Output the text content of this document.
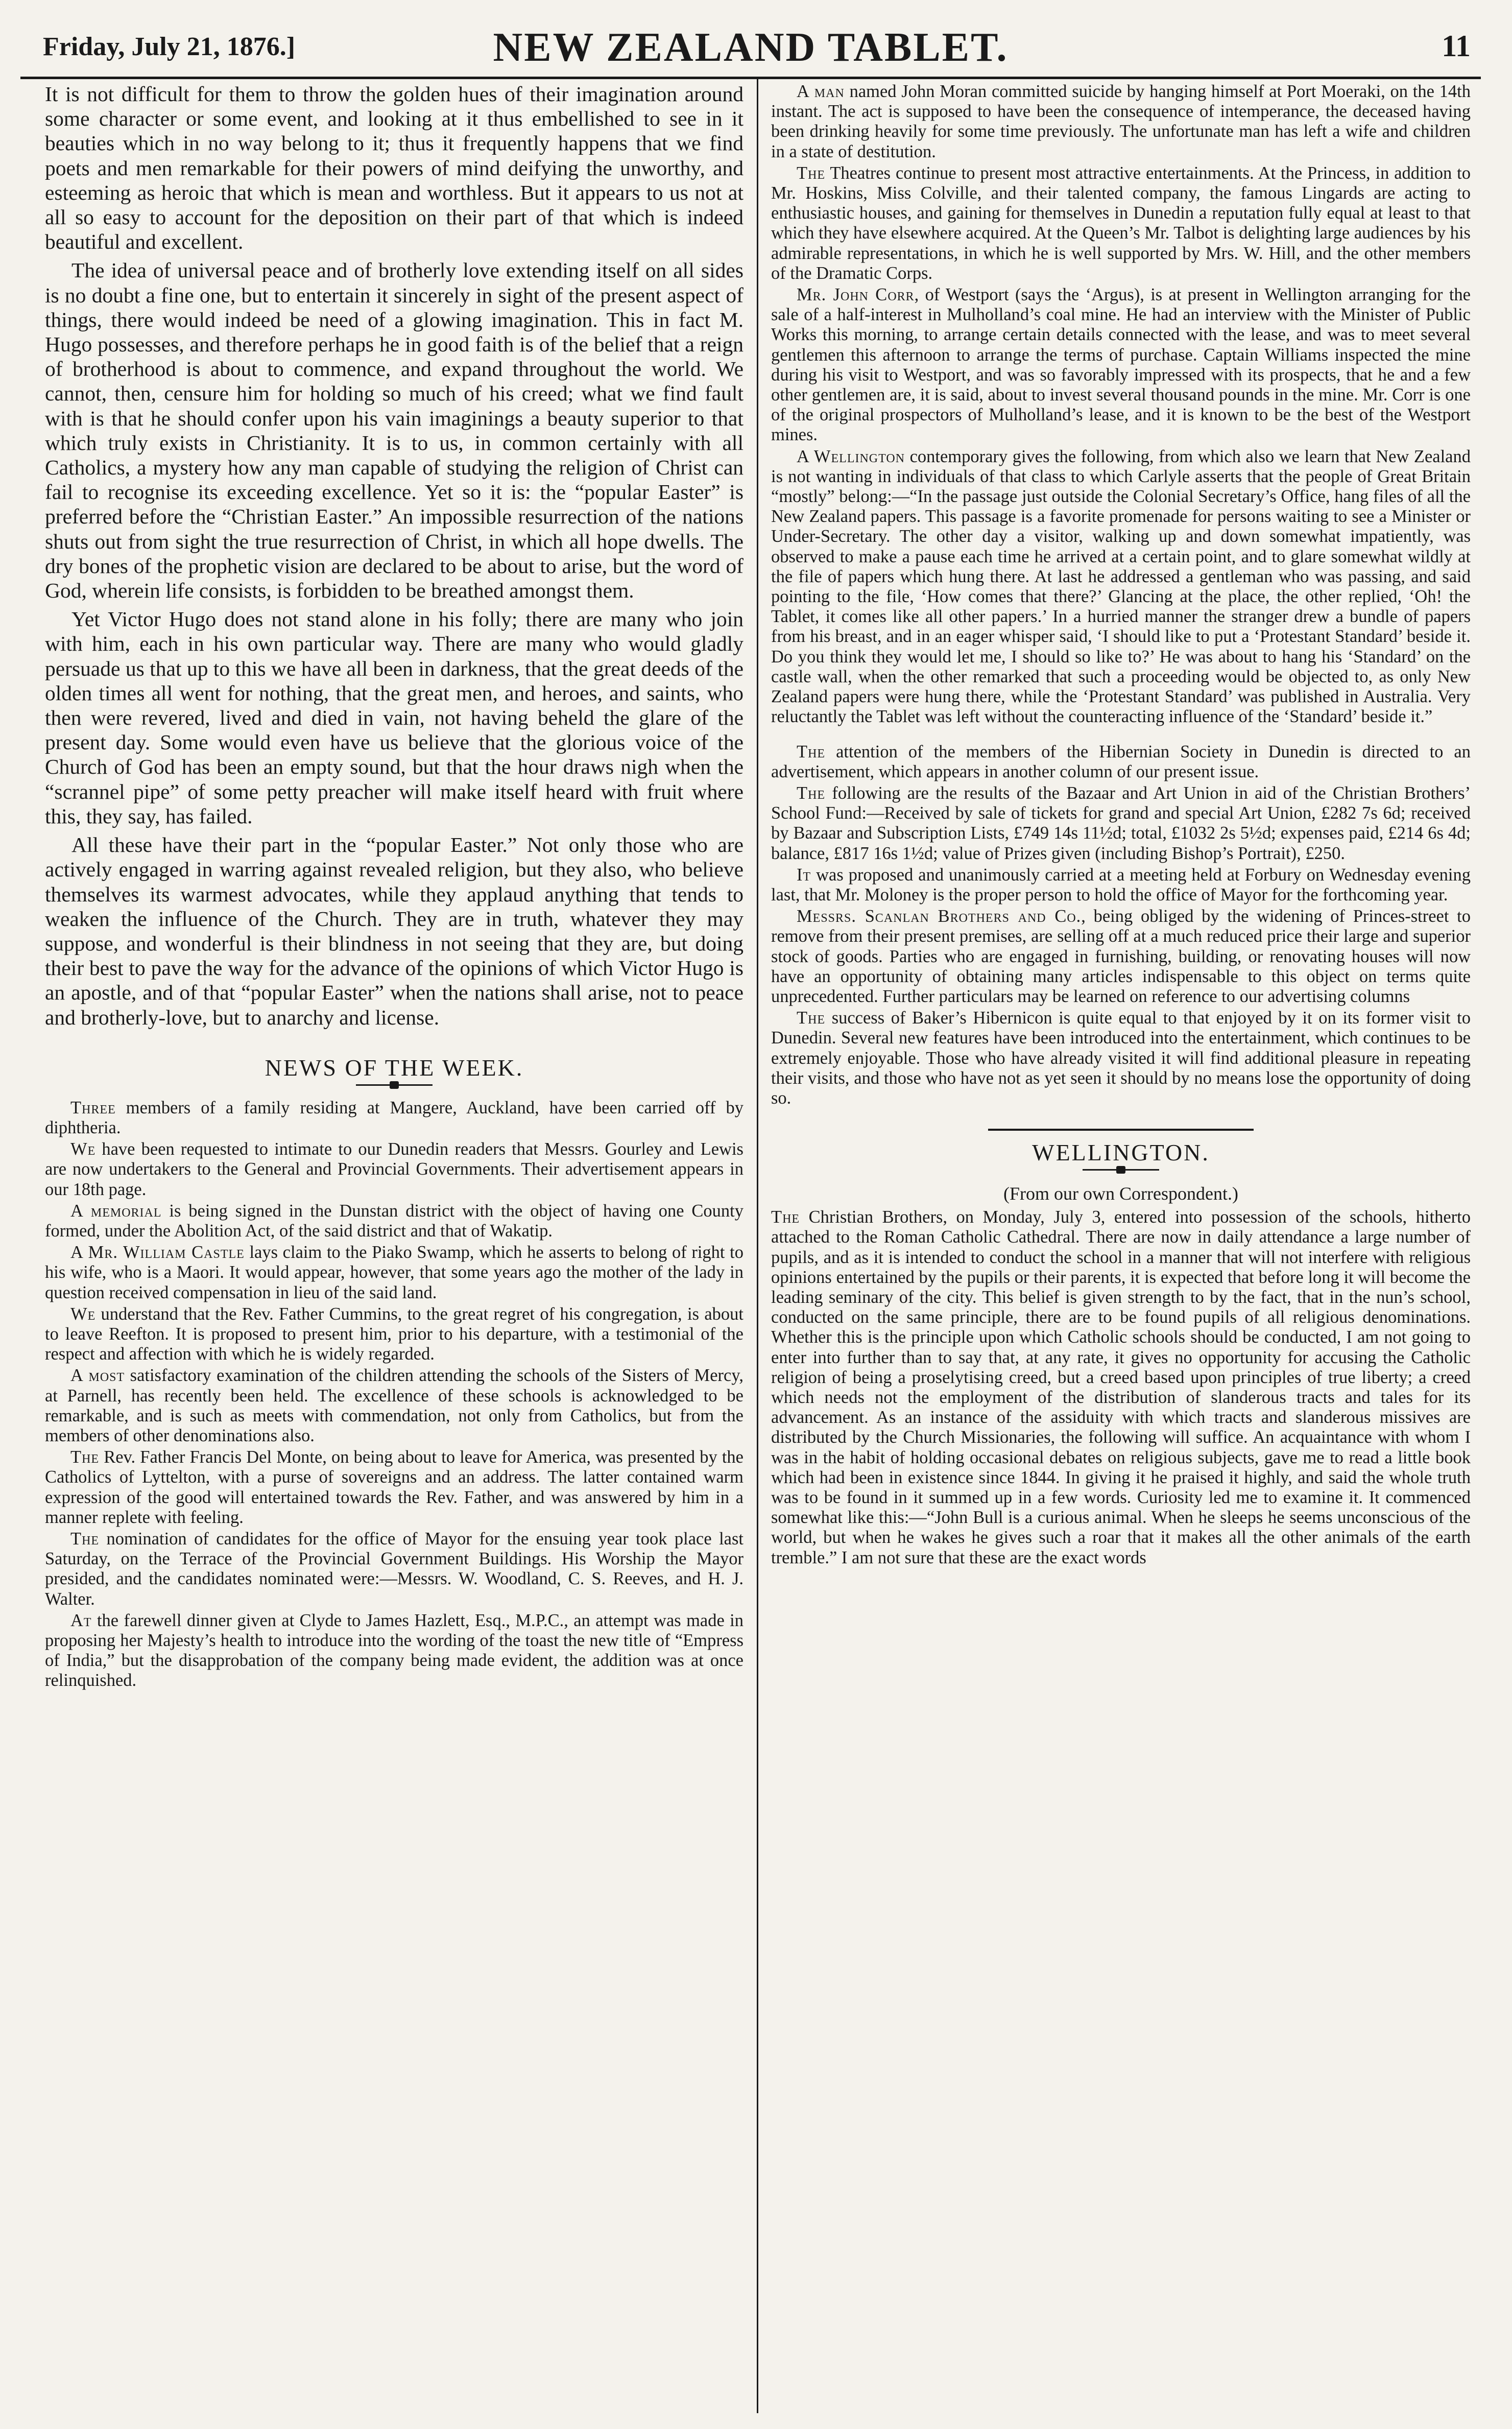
Friday, July 21, 1876.]	NEW ZEALAND TABLET.	11

It is not difficult for them to throw the golden hues of their imagination around some character or some event, and looking at it thus embellished to see in it beauties which in no way belong to it; thus it frequently happens that we find poets and men remarkable for their powers of mind deifying the unworthy, and esteeming as heroic that which is mean and worthless. But it appears to us not at all so easy to account for the deposition on their part of that which is indeed beautiful and excellent.

The idea of universal peace and of brotherly love extending itself on all sides is no doubt a fine one, but to entertain it sincerely in sight of the present aspect of things, there would indeed be need of a glowing imagination. This in fact M. Hugo possesses, and therefore perhaps he in good faith is of the belief that a reign of brotherhood is about to commence, and expand throughout the world. We cannot, then, censure him for holding so much of his creed; what we find fault with is that he should confer upon his vain imaginings a beauty superior to that which truly exists in Christianity. It is to us, in common certainly with all Catholics, a mystery how any man capable of studying the religion of Christ can fail to recognise its exceeding excellence. Yet so it is: the “popular Easter” is preferred before the “Christian Easter.” An impossible resurrection of the nations shuts out from sight the true resurrection of Christ, in which all hope dwells. The dry bones of the prophetic vision are declared to be about to arise, but the word of God, wherein life consists, is forbidden to be breathed amongst them.

Yet Victor Hugo does not stand alone in his folly; there are many who join with him, each in his own particular way. There are many who would gladly persuade us that up to this we have all been in darkness, that the great deeds of the olden times all went for nothing, that the great men, and heroes, and saints, who then were revered, lived and died in vain, not having beheld the glare of the present day. Some would even have us believe that the glorious voice of the Church of God has been an empty sound, but that the hour draws nigh when the “scrannel pipe” of some petty preacher will make itself heard with fruit where this, they say, has failed.

All these have their part in the “popular Easter.” Not only those who are actively engaged in warring against revealed religion, but they also, who believe themselves its warmest advocates, while they applaud anything that tends to weaken the influence of the Church. They are in truth, whatever they may suppose, and wonderful is their blindness in not seeing that they are, but doing their best to pave the way for the advance of the opinions of which Victor Hugo is an apostle, and of that “popular Easter” when the nations shall arise, not to peace and brotherly-love, but to anarchy and license.

NEWS OF THE WEEK.

Three members of a family residing at Mangere, Auckland, have been carried off by diphtheria.

We have been requested to intimate to our Dunedin readers that Messrs. Gourley and Lewis are now undertakers to the General and Provincial Governments. Their advertisement appears in our 18th page.

A memorial is being signed in the Dunstan district with the object of having one County formed, under the Abolition Act, of the said district and that of Wakatip.

A Mr. William Castle lays claim to the Piako Swamp, which he asserts to belong of right to his wife, who is a Maori. It would appear, however, that some years ago the mother of the lady in question received compensation in lieu of the said land.

We understand that the Rev. Father Cummins, to the great regret of his congregation, is about to leave Reefton. It is proposed to present him, prior to his departure, with a testimonial of the respect and affection with which he is widely regarded.

A most satisfactory examination of the children attending the schools of the Sisters of Mercy, at Parnell, has recently been held. The excellence of these schools is acknowledged to be remarkable, and is such as meets with commendation, not only from Catholics, but from the members of other denominations also.

The Rev. Father Francis Del Monte, on being about to leave for America, was presented by the Catholics of Lyttelton, with a purse of sovereigns and an address. The latter contained warm expression of the good will entertained towards the Rev. Father, and was answered by him in a manner replete with feeling.

The nomination of candidates for the office of Mayor for the ensuing year took place last Saturday, on the Terrace of the Provincial Government Buildings. His Worship the Mayor presided, and the candidates nominated were:—Messrs. W. Woodland, C. S. Reeves, and H. J. Walter.

At the farewell dinner given at Clyde to James Hazlett, Esq., M.P.C., an attempt was made in proposing her Majesty’s health to introduce into the wording of the toast the new title of “Empress of India,” but the disapprobation of the company being made evident, the addition was at once relinquished.

A man named John Moran committed suicide by hanging himself at Port Moeraki, on the 14th instant. The act is supposed to have been the consequence of intemperance, the deceased having been drinking heavily for some time previously. The unfortunate man has left a wife and children in a state of destitution.

The Theatres continue to present most attractive entertainments. At the Princess, in addition to Mr. Hoskins, Miss Colville, and their talented company, the famous Lingards are acting to enthusiastic houses, and gaining for themselves in Dunedin a reputation fully equal at least to that which they have elsewhere acquired. At the Queen’s Mr. Talbot is delighting large audiences by his admirable representations, in which he is well supported by Mrs. W. Hill, and the other members of the Dramatic Corps.

Mr. John Corr, of Westport (says the ‘Argus), is at present in Wellington arranging for the sale of a half-interest in Mulholland’s coal mine. He had an interview with the Minister of Public Works this morning, to arrange certain details connected with the lease, and was to meet several gentlemen this afternoon to arrange the terms of purchase. Captain Williams inspected the mine during his visit to Westport, and was so favorably impressed with its prospects, that he and a few other gentlemen are, it is said, about to invest several thousand pounds in the mine. Mr. Corr is one of the original prospectors of Mulholland’s lease, and it is known to be the best of the Westport mines.

A Wellington contemporary gives the following, from which also we learn that New Zealand is not wanting in individuals of that class to which Carlyle asserts that the people of Great Britain “mostly” belong:—“In the passage just outside the Colonial Secretary’s Office, hang files of all the New Zealand papers. This passage is a favorite promenade for persons waiting to see a Minister or Under-Secretary. The other day a visitor, walking up and down somewhat impatiently, was observed to make a pause each time he arrived at a certain point, and to glare somewhat wildly at the file of papers which hung there. At last he addressed a gentleman who was passing, and said pointing to the file, ‘How comes that there?’ Glancing at the place, the other replied, ‘Oh! the Tablet, it comes like all other papers.’ In a hurried manner the stranger drew a bundle of papers from his breast, and in an eager whisper said, ‘I should like to put a ‘Protestant Standard’ beside it. Do you think they would let me, I should so like to?’ He was about to hang his ‘Standard’ on the castle wall, when the other remarked that such a proceeding would be objected to, as only New Zealand papers were hung there, while the ‘Protestant Standard’ was published in Australia. Very reluctantly the Tablet was left without the counteracting influence of the ‘Standard’ beside it.”

The attention of the members of the Hibernian Society in Dunedin is directed to an advertisement, which appears in another column of our present issue.

The following are the results of the Bazaar and Art Union in aid of the Christian Brothers’ School Fund:—Received by sale of tickets for grand and special Art Union, £282 7s 6d; received by Bazaar and Subscription Lists, £749 14s 11½d; total, £1032 2s 5½d; expenses paid, £214 6s 4d; balance, £817 16s 1½d; value of Prizes given (including Bishop’s Portrait), £250.

It was proposed and unanimously carried at a meeting held at Forbury on Wednesday evening last, that Mr. Moloney is the proper person to hold the office of Mayor for the forthcoming year.

Messrs. Scanlan Brothers and Co., being obliged by the widening of Princes-street to remove from their present premises, are selling off at a much reduced price their large and superior stock of goods. Parties who are engaged in furnishing, building, or renovating houses will now have an opportunity of obtaining many articles indispensable to this object on terms quite unprecedented. Further particulars may be learned on reference to our advertising columns

The success of Baker’s Hibernicon is quite equal to that enjoyed by it on its former visit to Dunedin. Several new features have been introduced into the entertainment, which continues to be extremely enjoyable. Those who have already visited it will find additional pleasure in repeating their visits, and those who have not as yet seen it should by no means lose the opportunity of doing so.

WELLINGTON.
(From our own Correspondent.)

The Christian Brothers, on Monday, July 3, entered into possession of the schools, hitherto attached to the Roman Catholic Cathedral. There are now in daily attendance a large number of pupils, and as it is intended to conduct the school in a manner that will not interfere with religious opinions entertained by the pupils or their parents, it is expected that before long it will become the leading seminary of the city. This belief is given strength to by the fact, that in the nun’s school, conducted on the same principle, there are to be found pupils of all religious denominations. Whether this is the principle upon which Catholic schools should be conducted, I am not going to enter into further than to say that, at any rate, it gives no opportunity for accusing the Catholic religion of being a proselytising creed, but a creed based upon principles of true liberty; a creed which needs not the employment of the distribution of slanderous tracts and tales for its advancement. As an instance of the assiduity with which tracts and slanderous missives are distributed by the Church Missionaries, the following will suffice. An acquaintance with whom I was in the habit of holding occasional debates on religious subjects, gave me to read a little book which had been in existence since 1844. In giving it he praised it highly, and said the whole truth was to be found in it summed up in a few words. Curiosity led me to examine it. It commenced somewhat like this:—“John Bull is a curious animal. When he sleeps he seems unconscious of the world, but when he wakes he gives such a roar that it makes all the other animals of the earth tremble.” I am not sure that these are the exact words
